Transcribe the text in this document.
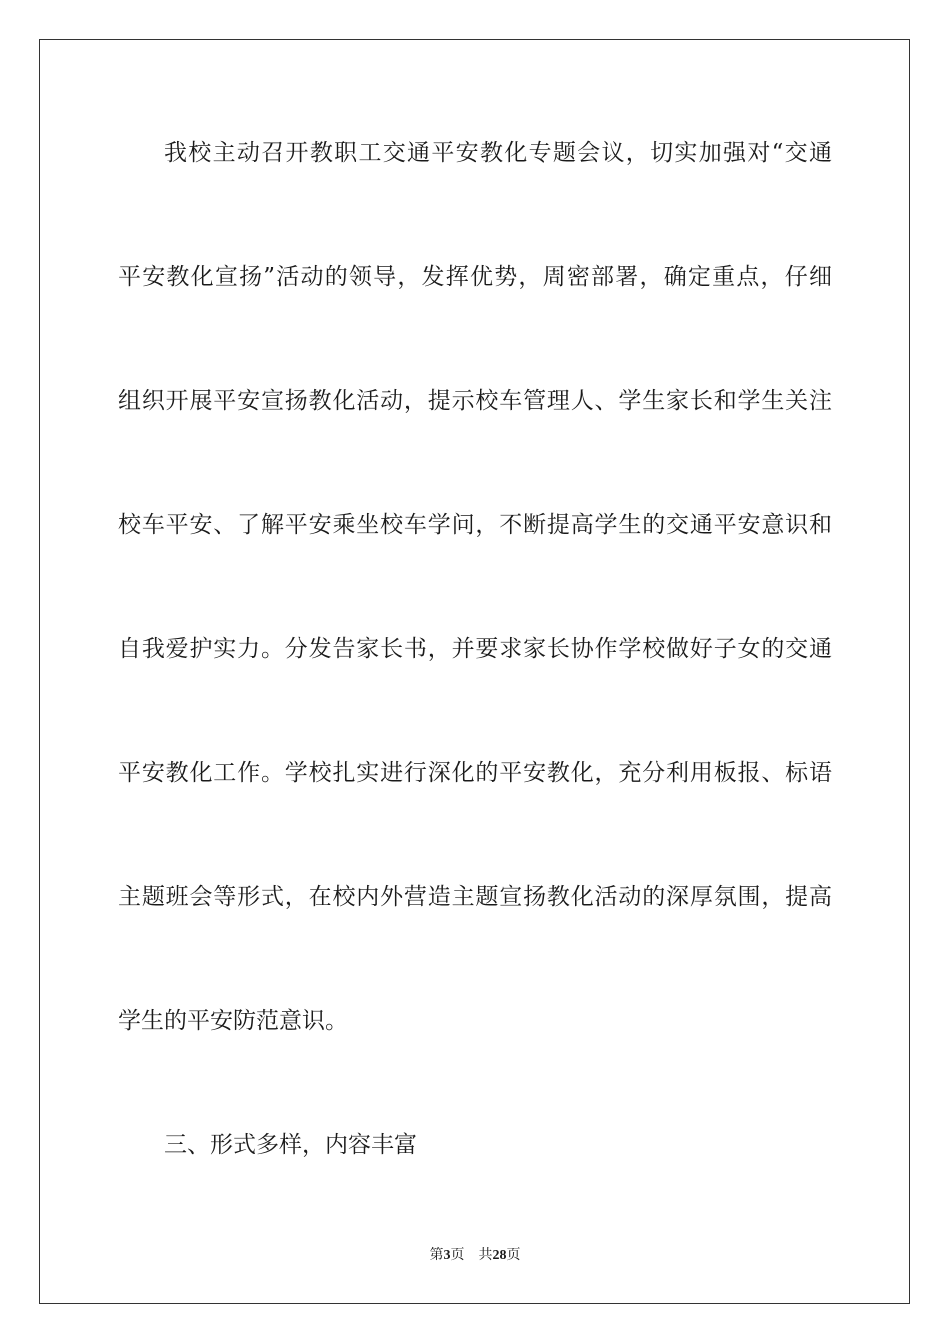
我校主动召开教职工交通平安教化专题会议，切实加强对“交通
平安教化宣扬”活动的领导，发挥优势，周密部署，确定重点，仔细
组织开展平安宣扬教化活动，提示校车管理人、学生家长和学生关注
校车平安、了解平安乘坐校车学问，不断提高学生的交通平安意识和
自我爱护实力。分发告家长书，并要求家长协作学校做好子女的交通
平安教化工作。学校扎实进行深化的平安教化，充分利用板报、标语
主题班会等形式，在校内外营造主题宣扬教化活动的深厚氛围，提高
学生的平安防范意识。
三、形式多样，内容丰富
第3页 共28页
